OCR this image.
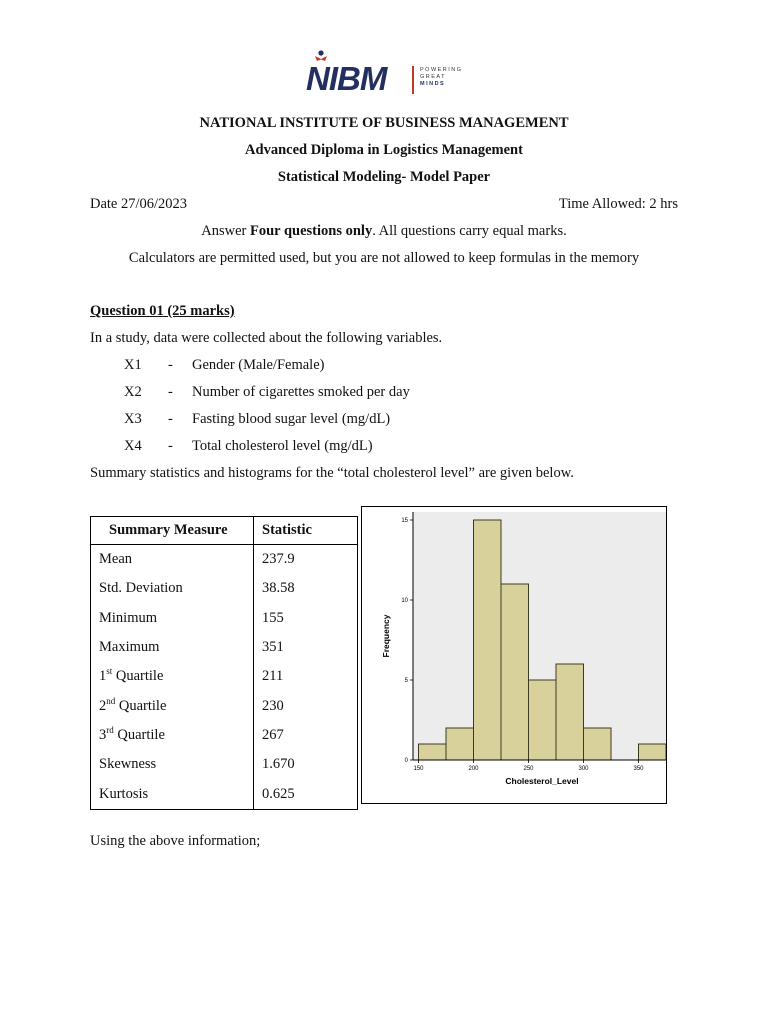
NIBM	POWERING
GREAT
MINDS
NATIONAL INSTITUTE OF BUSINESS MANAGEMENT
Advanced Diploma in Logistics Management
Statistical Modeling- Model Paper
Date 27/06/2023	Time Allowed: 2 hrs
Answer Four questions only. All questions carry equal marks.
Calculators are permitted used, but you are not allowed to keep formulas in the memory
Question 01 (25 marks)
In a study, data were collected about the following variables.
X1 - Gender (Male/Female)
X2 - Number of cigarettes smoked per day
X3 - Fasting blood sugar level (mg/dL)
X4 - Total cholesterol level (mg/dL)
Summary statistics and histograms for the “total cholesterol level” are given below.
Summary Measure	Statistic
Mean	237.9
Std. Deviation	38.58
Minimum	155
Maximum	351
1st Quartile	211
2nd Quartile	230
3rd Quartile	267
Skewness	1.670
Kurtosis	0.625
150	200	250	300	350
0
5
10
15
Cholesterol_Level
Frequency
Using the above information;
